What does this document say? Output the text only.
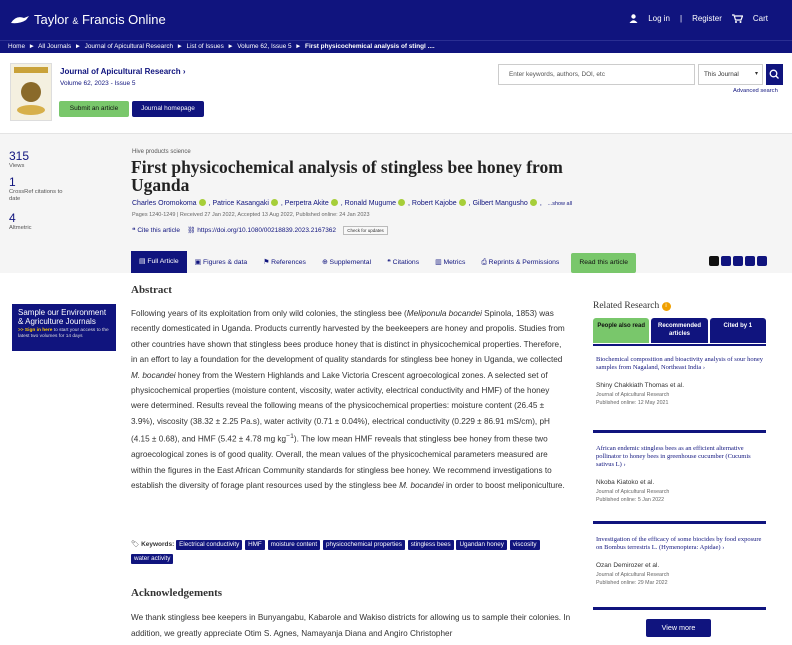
Taylor & Francis Online	Log in | Register	Cart
Home  ►  All Journals  ►  Journal of Apicultural Research  ►  List of Issues  ►  Volume 62, Issue 5  ►  First physicochemical analysis of stingl ....
Journal of Apicultural Research ›
Volume 62, 2023 - Issue 5
Submit an article	Journal homepage
Enter keywords, authors, DOI, etc	This Journal	▾
Advanced search
315
Views
1
CrossRef citations to date
4
Altmetric
Hive products science
First physicochemical analysis of stingless bee honey from Uganda
Charles Oromokoma , Patrice Kasangaki , Perpetra Akite , Ronald Mugume , Robert Kajobe , Gilbert Mangusho ,   ...show all
Pages 1240-1249 | Received 27 Jan 2022, Accepted 13 Aug 2022, Published online: 24 Jan 2023
❝ Cite this article ⛓ https://doi.org/10.1080/00218839.2023.2167362 Check for updates
▤ Full Article	▣ Figures & data	⚑ References	⊕ Supplemental	❝ Citations	▥ Metrics	⎙ Reprints & Permissions	Read this article
Sample our Environment & Agriculture Journals
>> Sign in here to start your access to the latest two volumes for 14 days
Abstract
Following years of its exploitation from only wild colonies, the stingless bee (Meliponula bocandei Spinola, 1853) was recently domesticated in Uganda. Products currently harvested by the beekeepers are honey and propolis. Studies from other countries have shown that stingless bees produce honey that is distinct in physicochemical properties. Therefore, in an effort to lay a foundation for the development of quality standards for stingless bee honey in Uganda, we collected M. bocandei honey from the Western Highlands and Lake Victoria Crescent agroecological zones. A selected set of physicochemical properties (moisture content, viscosity, water activity, electrical conductivity and HMF) of the honey were determined. Results reveal the following means of the physicochemical properties: moisture content (26.45 ± 3.9%), viscosity (38.32 ± 2.25 Pa.s), water activity (0.71 ± 0.04%), electrical conductivity (0.229 ± 86.91 mS/cm), pH (4.15 ± 0.68), and HMF (5.42 ± 4.78 mg $kg^{-1}$). The low mean HMF reveals that stingless bee honey from these two agroecological zones is of good quality. Overall, the mean values of the physicochemical parameters measured are within the figures in the East African Community standards for stingless bee honey. We recommend investigations to establish the diversity of forage plant resources used by the stingless bee M. bocandei in order to boost meliponiculture.
🏷 Keywords: Electrical conductivity HMF moisture content physicochemical properties stingless bees Ugandan honey viscosity water activity
Acknowledgements
We thank stingless bee keepers in Bunyangabu, Kabarole and Wakiso districts for allowing us to sample their colonies. In addition, we greatly appreciate Otim S. Agnes, Namayanja Diana and Angiro Christopher
Related Research i
People also read	Recommended articles
Cited by 1
Biochemical composition and bioactivity analysis of sour honey samples from Nagaland, Northeast India ›
Shiny Chakkiath Thomas et al.
Journal of Apicultural Research
Published online: 12 May 2021
African endemic stingless bees as an efficient alternative pollinator to honey bees in greenhouse cucumber (Cucumis sativus L) ›
Nkoba Kiatoko et al.
Journal of Apicultural Research
Published online: 5 Jan 2022
Investigation of the efficacy of some biocides by food exposure on Bombus terrestris L. (Hymenoptera: Apidae) ›
Ozan Demirozer et al.
Journal of Apicultural Research
Published online: 29 Mar 2022
View more
